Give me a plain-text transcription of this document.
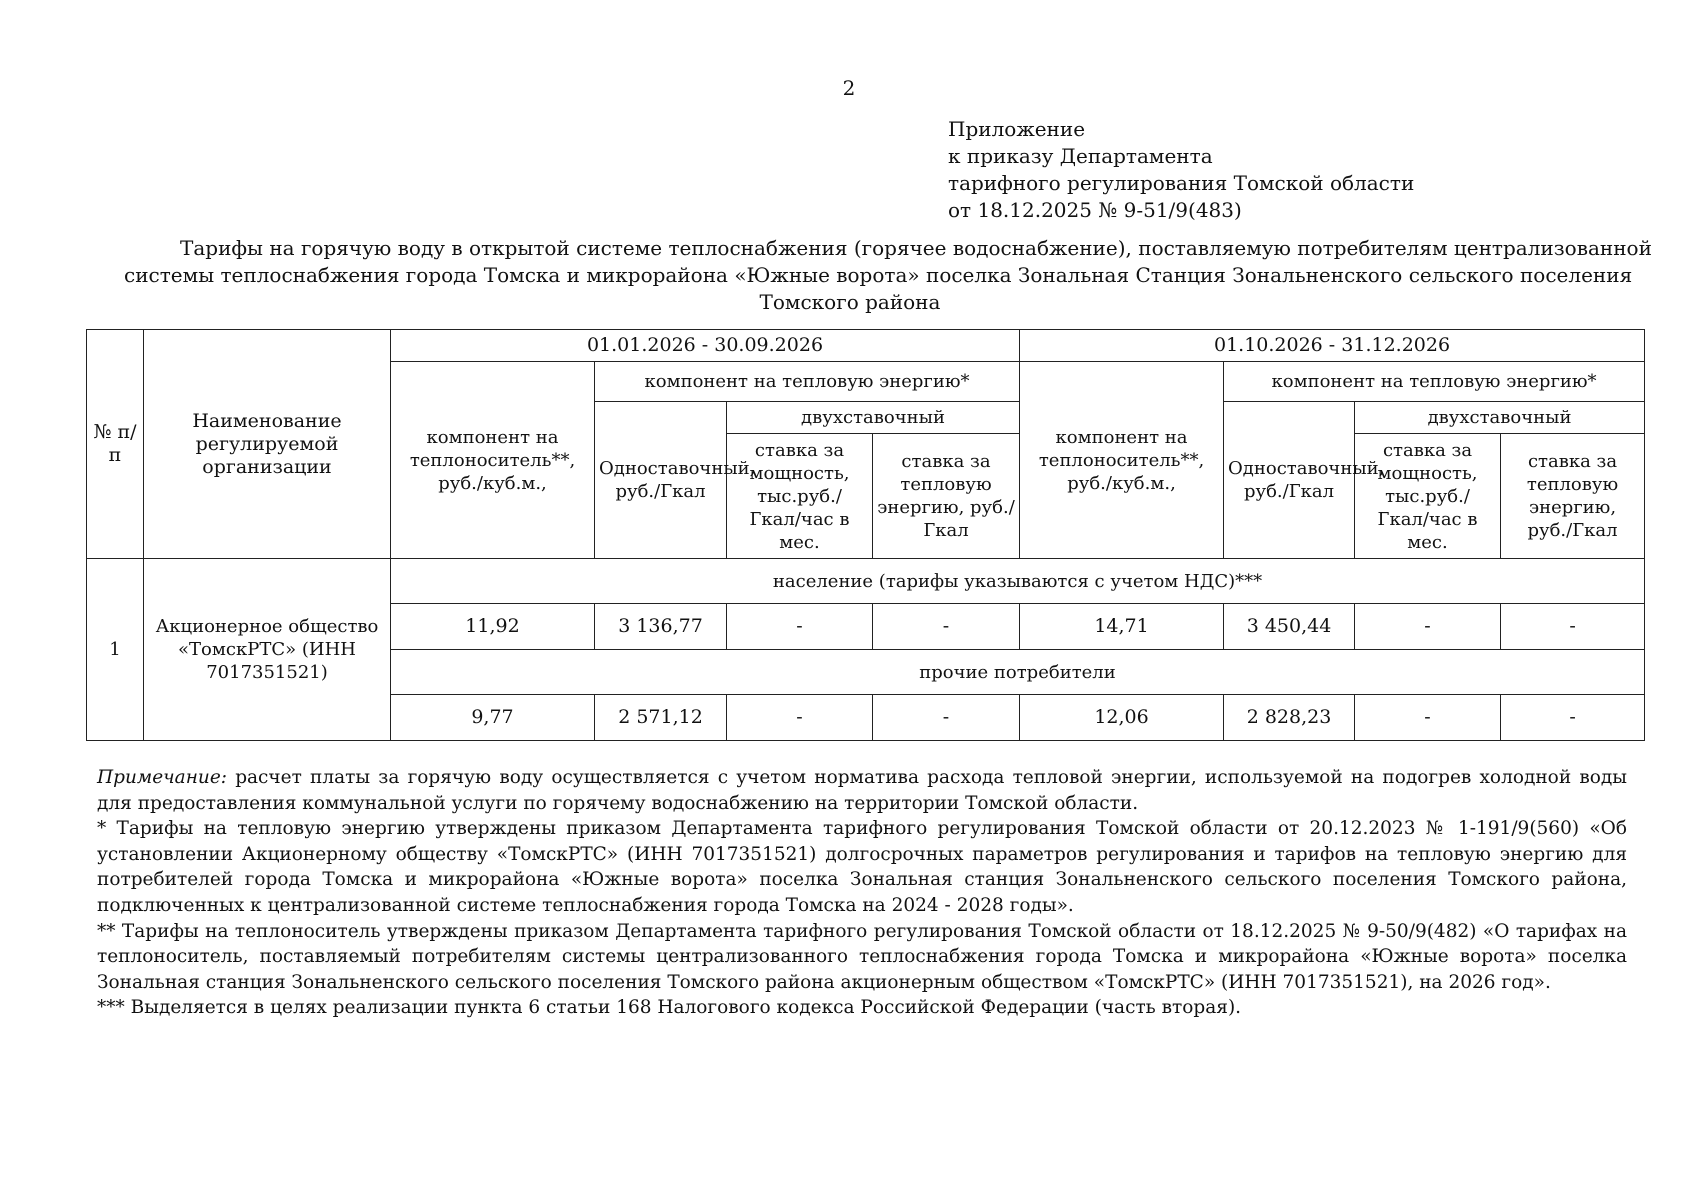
2
Приложение
к приказу Департамента
тарифного регулирования Томской области
от 18.12.2025 № 9-51/9(483)
Тарифы на горячую воду в открытой системе теплоснабжения (горячее водоснабжение), поставляемую потребителям централизованной
системы теплоснабжения города Томска и микрорайона «Южные ворота» поселка Зональная Станция Зональненского сельского поселения
Томского района
№ п/п	Наименование регулируемой организации	01.01.2026 - 30.09.2026				01.10.2026 - 31.12.2026			
		компонент на теплоноситель**, руб./куб.м.,	компонент на тепловую энергию*			компонент на теплоноситель**, руб./куб.м.,	компонент на тепловую энергию*		
			Одноставочный, руб./Гкал	двухставочный			Одноставочный, руб./Гкал	двухставочный	
				ставка за мощность, тыс.руб./ Гкал/час в мес.	ставка за тепловую энергию, руб./Гкал			ставка за мощность, тыс.руб./ Гкал/час в мес.	ставка за тепловую энергию, руб./Гкал
1	Акционерное общество «ТомскРТС» (ИНН 7017351521)	население (тарифы указываются с учетом НДС)***							
		11,92	3 136,77	-	-	14,71	3 450,44	-	-
		прочие потребители							
		9,77	2 571,12	-	-	12,06	2 828,23	-	-

Примечание: расчет платы за горячую воду осуществляется с учетом норматива расхода тепловой энергии, используемой на подогрев холодной воды для предоставления коммунальной услуги по горячему водоснабжению на территории Томской области.

* Тарифы на тепловую энергию утверждены приказом Департамента тарифного регулирования Томской области от 20.12.2023 № 1-191/9(560) «Об установлении Акционерному обществу «ТомскРТС» (ИНН 7017351521) долгосрочных параметров регулирования и тарифов на тепловую энергию для потребителей города Томска и микрорайона «Южные ворота» поселка Зональная станция Зональненского сельского поселения Томского района, подключенных к централизованной системе теплоснабжения города Томска на 2024 - 2028 годы».

** Тарифы на теплоноситель утверждены приказом Департамента тарифного регулирования Томской области от 18.12.2025 № 9-50/9(482) «О тарифах на теплоноситель, поставляемый потребителям системы централизованного теплоснабжения города Томска и микрорайона «Южные ворота» поселка Зональная станция Зональненского сельского поселения Томского района акционерным обществом «ТомскРТС» (ИНН 7017351521), на 2026 год».

*** Выделяется в целях реализации пункта 6 статьи 168 Налогового кодекса Российской Федерации (часть вторая).
